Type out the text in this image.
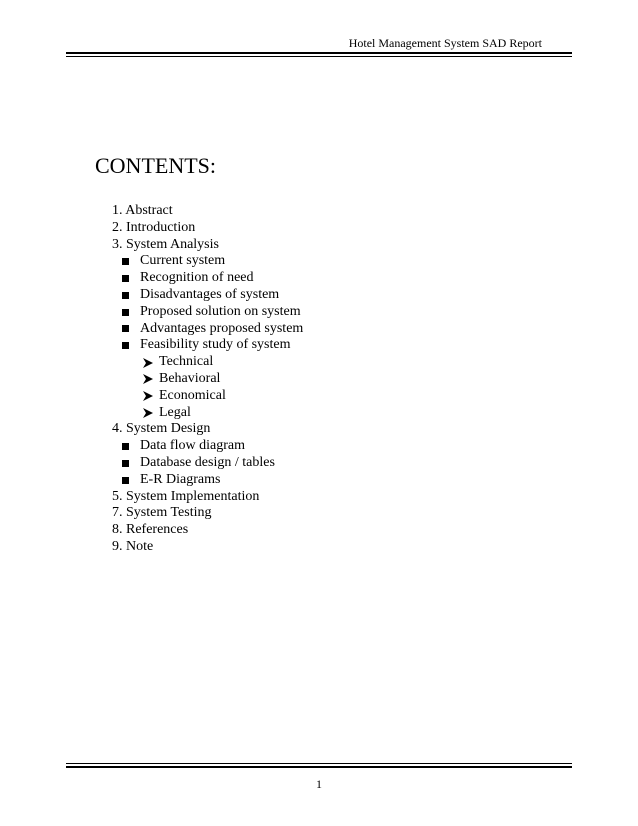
Hotel Management System SAD Report
CONTENTS:
1. Abstract
2. Introduction
3. System Analysis
Current system
Recognition of need
Disadvantages of system
Proposed solution on system
Advantages proposed system
Feasibility study of system
Technical
Behavioral
Economical
Legal
4. System Design
Data flow diagram
Database design / tables
E-R Diagrams
5. System Implementation
7. System Testing
8. References
9. Note
1
